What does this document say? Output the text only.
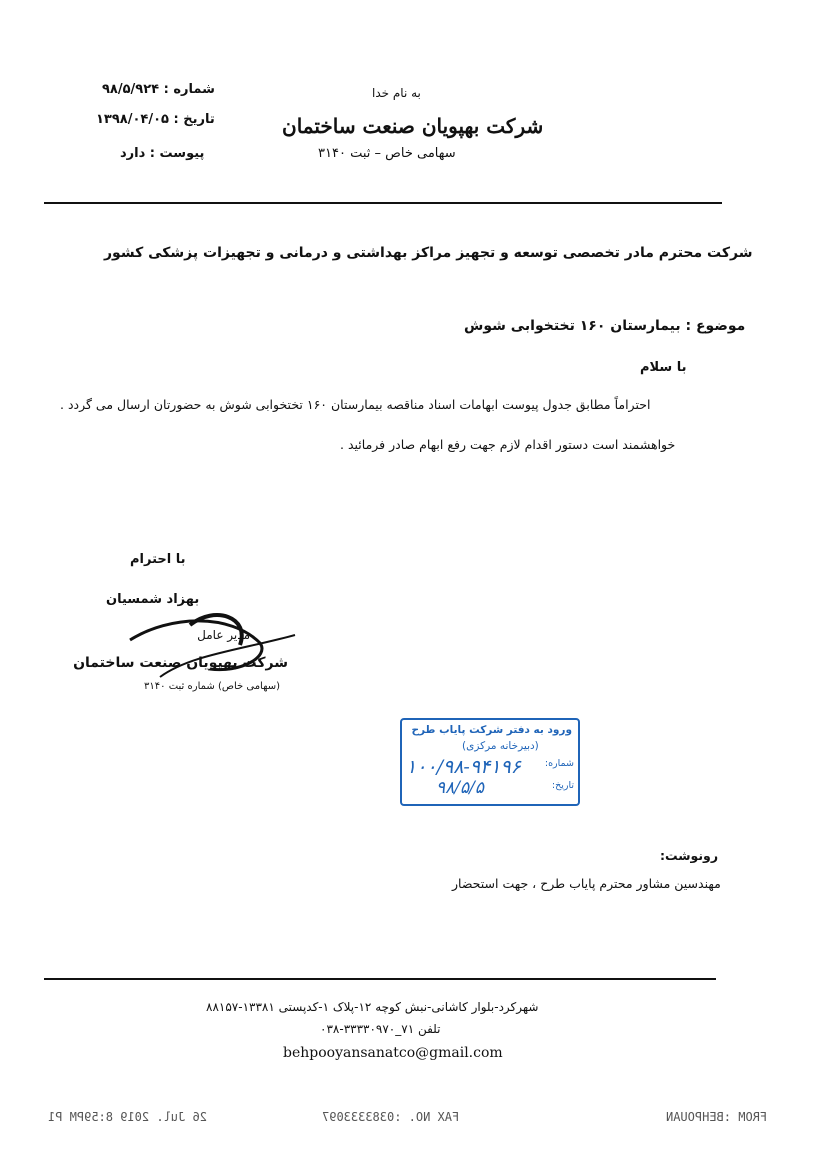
به نام خدا
شرکت بهپویان صنعت ساختمان
سهامی خاص – ثبت ۳۱۴۰
شماره : ۹۸/۵/۹۲۴
تاریخ : ۱۳۹۸/۰۴/۰۵
پیوست : دارد
شرکت محترم مادر تخصصی توسعه و تجهیز مراکز بهداشتی و درمانی و تجهیزات پزشکی کشور
موضوع : بیمارستان ۱۶۰ تختخوابی شوش
با سلام
احتراماً مطابق جدول پیوست ابهامات اسناد مناقصه بیمارستان ۱۶۰ تختخوابی شوش به حضورتان ارسال می گردد .
خواهشمند است دستور اقدام لازم جهت رفع ابهام صادر فرمائید .
با احترام
بهزاد شمسیان
مدیر عامل
شرکت بهپویان صنعت ساختمان
(سهامی خاص) شماره ثبت ۳۱۴۰
ورود به دفتر شرکت پایاب طرح
(دبیرخانه مرکزی)
شماره:
۱۰۰/۹۸-۹۴۱۹۶
تاریخ:
۹۸/۵/۵
رونوشت:
مهندسین مشاور محترم پایاب طرح ، جهت استحضار
شهرکرد-بلوار کاشانی-نبش کوچه ۱۲-پلاک ۱-کدپستی ۱۳۳۸۱-۸۸۱۵۷
تلفن ۷۱_۳۳۳۳۰۹۷۰-۰۳۸
behpooyansanatco@gmail.com
26 Jul. 2019 8:59PM P1	FAX NO. :0383333097	FROM :BEHPOUAN
